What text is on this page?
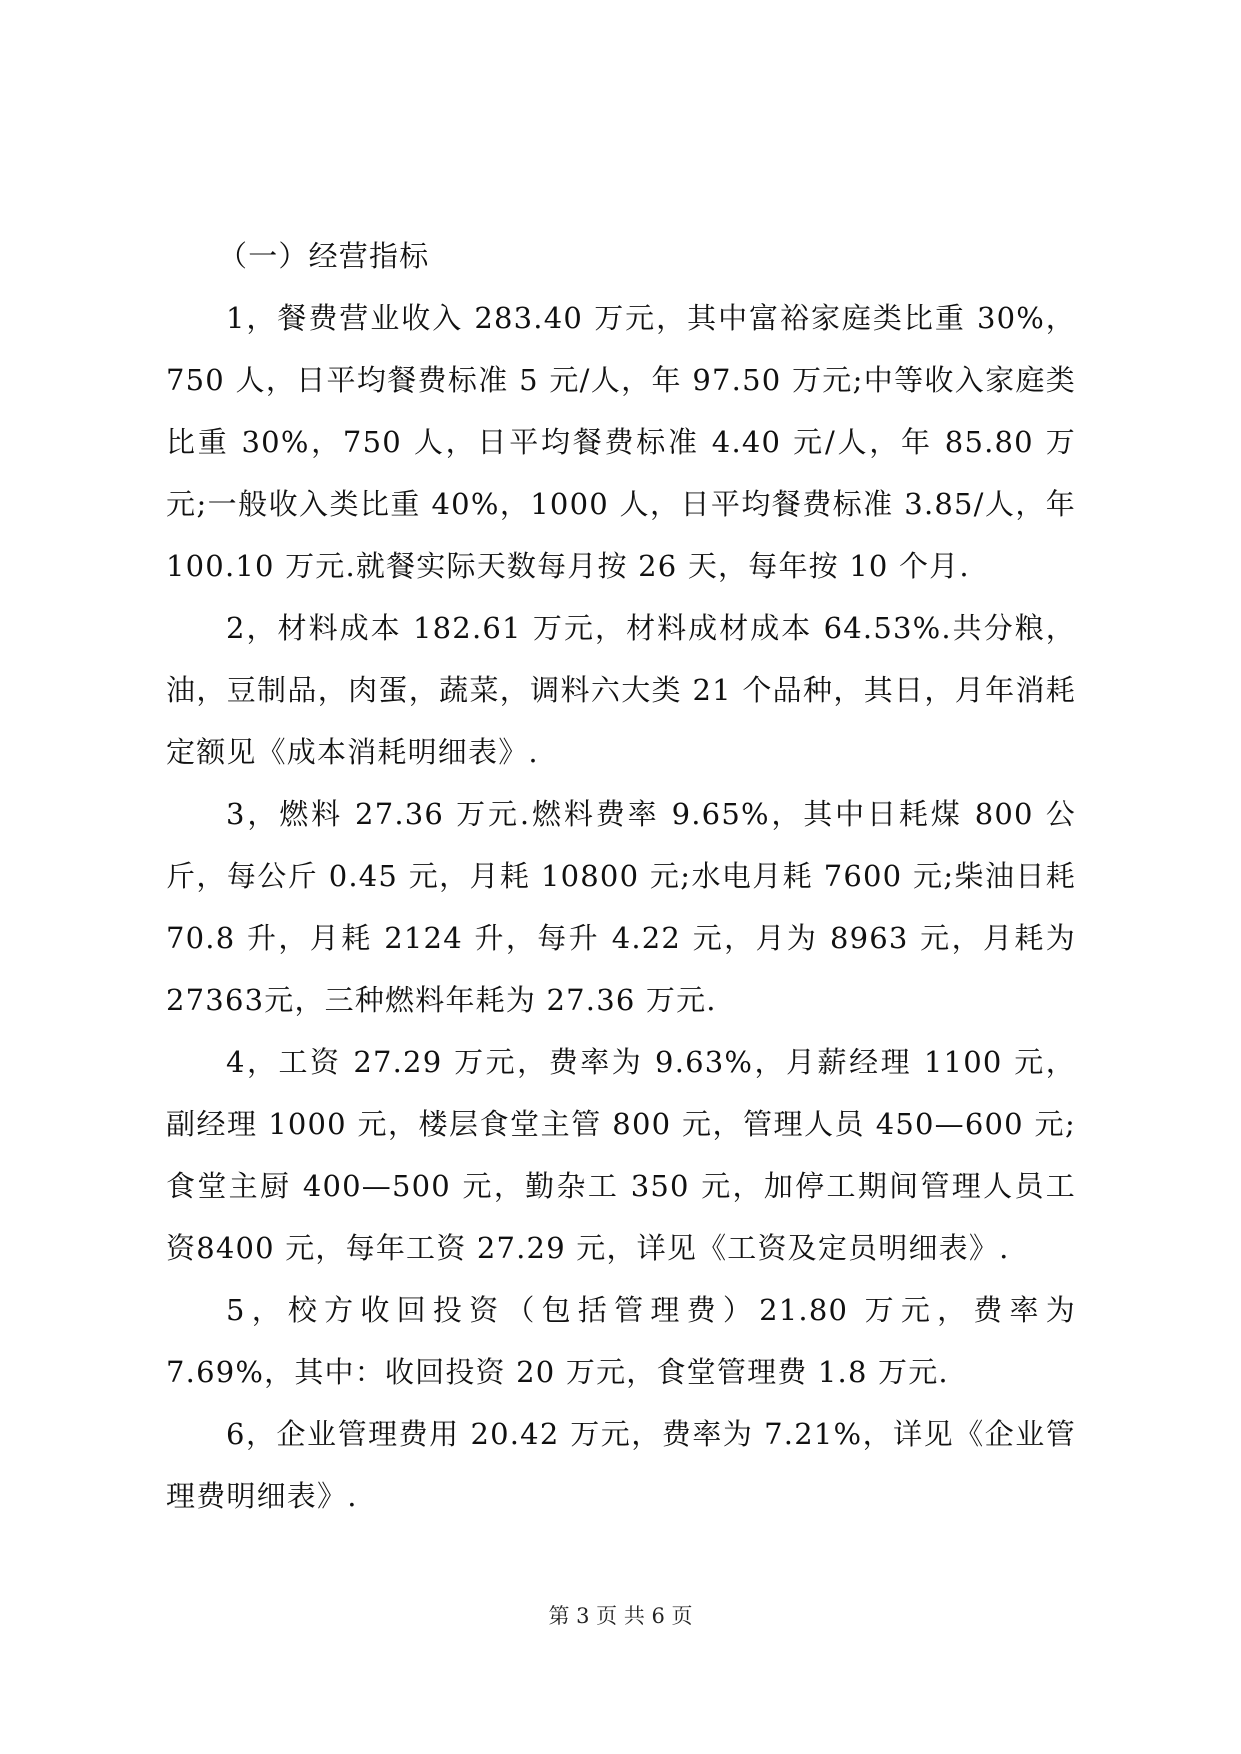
（一）经营指标

1，餐费营业收入 283.40 万元，其中富裕家庭类比重 30%，750 人，日平均餐费标准 5 元/人，年 97.50 万元;中等收入家庭类比重 30%，750 人，日平均餐费标准 4.40 元/人，年 85.80 万元;一般收入类比重 40%，1000 人，日平均餐费标准 3.85/人，年 100.10 万元.就餐实际天数每月按 26 天，每年按 10 个月.

2，材料成本 182.61 万元，材料成材成本 64.53%.共分粮，油，豆制品，肉蛋，蔬菜，调料六大类 21 个品种，其日，月年消耗定额见《成本消耗明细表》.

3，燃料 27.36 万元.燃料费率 9.65%，其中日耗煤 800 公斤，每公斤 0.45 元，月耗 10800 元;水电月耗 7600 元;柴油日耗70.8 升，月耗 2124 升，每升 4.22 元，月为 8963 元，月耗为 27363元，三种燃料年耗为 27.36 万元.

4，工资 27.29 万元，费率为 9.63%，月薪经理 1100 元，副经理 1000 元，楼层食堂主管 800 元，管理人员 450—600 元;食堂主厨 400—500 元，勤杂工 350 元，加停工期间管理人员工资8400 元，每年工资 27.29 元，详见《工资及定员明细表》.

5，校方收回投资（包括管理费）21.80 万元，费率为 7.69%，其中：收回投资 20 万元，食堂管理费 1.8 万元.

6，企业管理费用 20.42 万元，费率为 7.21%，详见《企业管理费明细表》.

第 3 页 共 6 页
